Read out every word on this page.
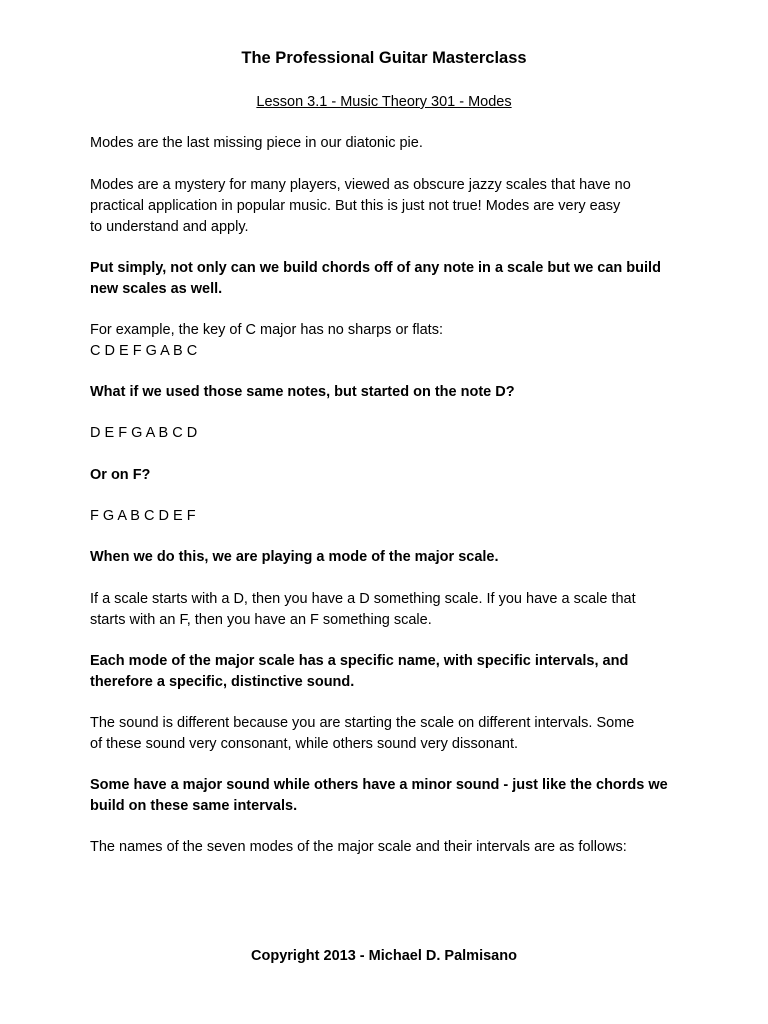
The Professional Guitar Masterclass
Lesson 3.1 - Music Theory 301 - Modes
Modes are the last missing piece in our diatonic pie.
Modes are a mystery for many players, viewed as obscure jazzy scales that have no
practical application in popular music. But this is just not true! Modes are very easy
to understand and apply.
Put simply, not only can we build chords off of any note in a scale but we can build
new scales as well.
For example, the key of C major has no sharps or flats:
C D E F G A B C
What if we used those same notes, but started on the note D?
D E F G A B C D
Or on F?
F G A B C D E F
When we do this, we are playing a mode of the major scale.
If a scale starts with a D, then you have a D something scale. If you have a scale that
starts with an F, then you have an F something scale.
Each mode of the major scale has a specific name, with specific intervals, and
therefore a specific, distinctive sound.
The sound is different because you are starting the scale on different intervals. Some
of these sound very consonant, while others sound very dissonant.
Some have a major sound while others have a minor sound - just like the chords we
build on these same intervals.
The names of the seven modes of the major scale and their intervals are as follows:
Copyright 2013 - Michael D. Palmisano
